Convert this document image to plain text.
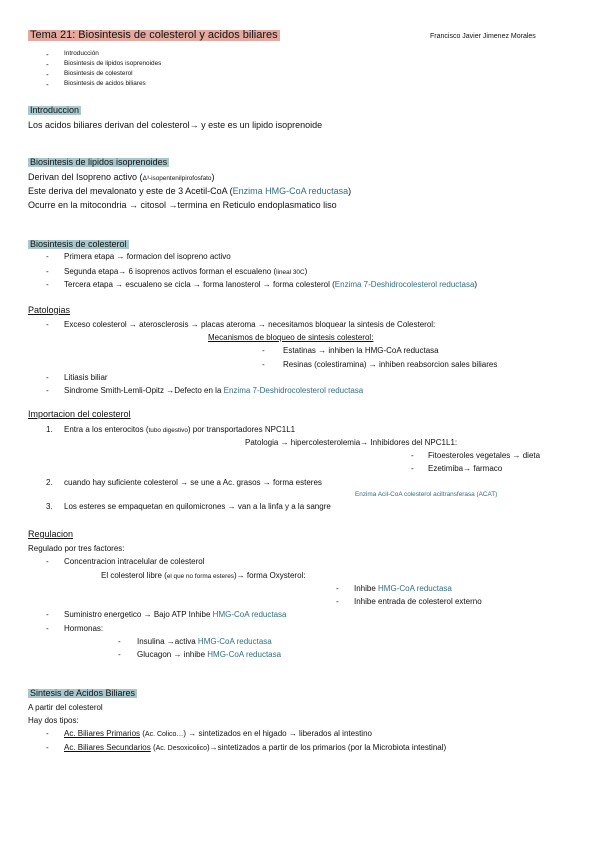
Tema 21: Biosintesis de colesterol y acidos biliares	Francisco Javier Jimenez Morales
- Introducción
- Biosintesis de lipidos isoprenoides
- Biosintesis de colesterol
- Biosintesis de acidos biliares
Introduccion
Los acidos biliares derivan del colesterol→ y este es un lipido isoprenoide
Biosintesis de lipidos isoprenoides
Derivan del Isopreno activo (Δ³-isopentenilpirofosfato)
Este deriva del mevalonato y este de 3 Acetil-CoA (Enzima HMG-CoA reductasa)
Ocurre en la mitocondria → citosol →termina en Reticulo endoplasmatico liso
Biosintesis de colesterol
- Primera etapa → formacion del isopreno activo
- Segunda etapa→ 6 isoprenos activos forman el escualeno (lineal 30C)
- Tercera etapa → escualeno se cicla → forma lanosterol → forma colesterol (Enzima 7-Deshidrocolesterol reductasa)
Patologias
- Exceso colesterol → aterosclerosis → placas ateroma → necesitamos bloquear la sintesis de Colesterol:
Mecanismos de bloqueo de sintesis colesterol:
- Estatinas → inhiben la HMG-CoA reductasa
- Resinas (colestiramina) → inhiben reabsorcion sales biliares
- Litiasis biliar
- Sindrome Smith-Lemli-Opitz →Defecto en la Enzima 7-Deshidrocolesterol reductasa
Importacion del colesterol
1. Entra a los enterocitos (tubo digestivo) por transportadores NPC1L1
Patologia → hipercolesterolemia→ Inhibidores del NPC1L1:
- Fitoesteroles vegetales → dieta
- Ezetimiba→ farmaco
2. cuando hay suficiente colesterol → se une a Ac. grasos → forma esteres
Enzima Acil-CoA colesterol aciltransferasa (ACAT)
3. Los esteres se empaquetan en quilomicrones → van a la linfa y a la sangre
Regulacion
Regulado por tres factores:
- Concentracion intracelular de colesterol
El colesterol libre (el que no forma esteres)→ forma Oxysterol:
- Inhibe HMG-CoA reductasa
- Inhibe entrada de colesterol externo
- Suministro energetico → Bajo ATP Inhibe HMG-CoA reductasa
- Hormonas:
- Insulina →activa HMG-CoA reductasa
- Glucagon → inhibe HMG-CoA reductasa
Sintesis de Acidos Biliares
A partir del colesterol
Hay dos tipos:
- Ac. Biliares Primarios (Ac. Colico…) → sintetizados en el higado → liberados al intestino
- Ac. Biliares Secundarios (Ac. Desoxicolico)→sintetizados a partir de los primarios (por la Microbiota intestinal)
